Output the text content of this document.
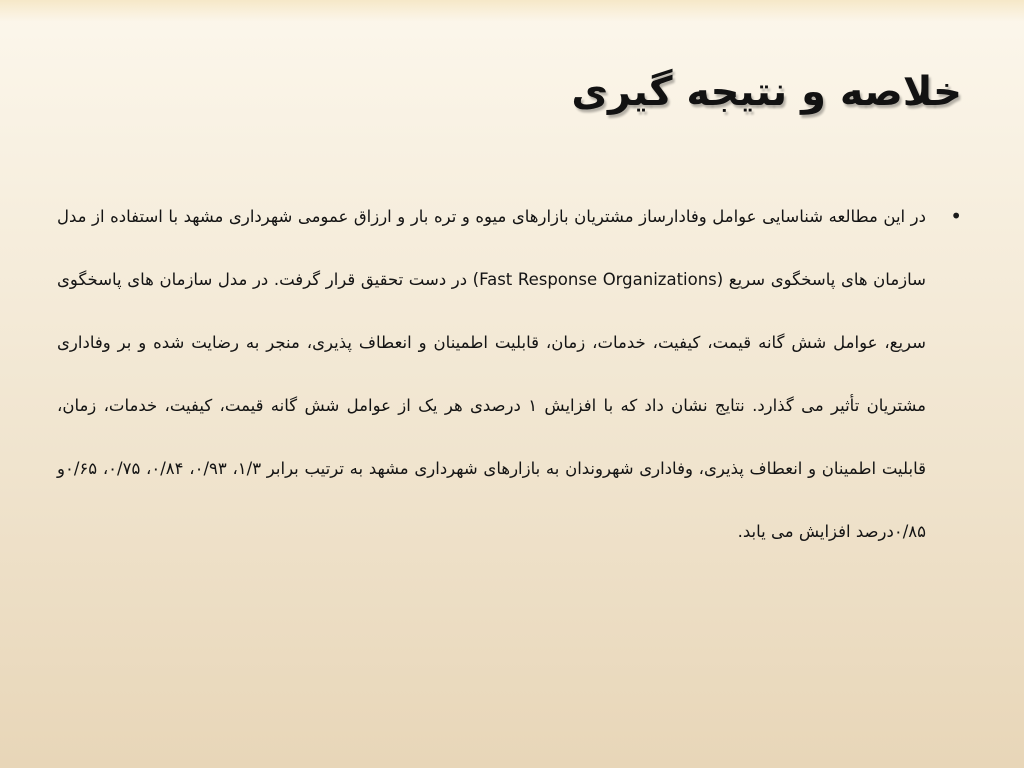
خلاصه و نتیجه گیری

•
در این مطالعه شناسایی عوامل وفادارساز مشتریان بازارهای میوه و تره بار و ارزاق عمومی شهرداری مشهد با استفاده از مدل سازمان های پاسخگوی سریع (Fast Response Organizations) در دست تحقیق قرار گرفت. در مدل سازمان های پاسخگوی سریع، عوامل شش گانه قیمت، کیفیت، خدمات، زمان، قابلیت اطمینان و انعطاف پذیری، منجر به رضایت شده و بر وفاداری مشتریان تأثیر می گذارد. نتایج نشان داد که با افزایش ۱ درصدی هر یک از عوامل شش گانه قیمت، کیفیت، خدمات، زمان، قابلیت اطمینان و انعطاف پذیری، وفاداری شهروندان به بازارهای شهرداری مشهد به ترتیب برابر ۱/۳، ۰/۹۳، ۰/۸۴، ۰/۷۵، ۰/۶۵و ۰/۸۵درصد افزایش می یابد.
